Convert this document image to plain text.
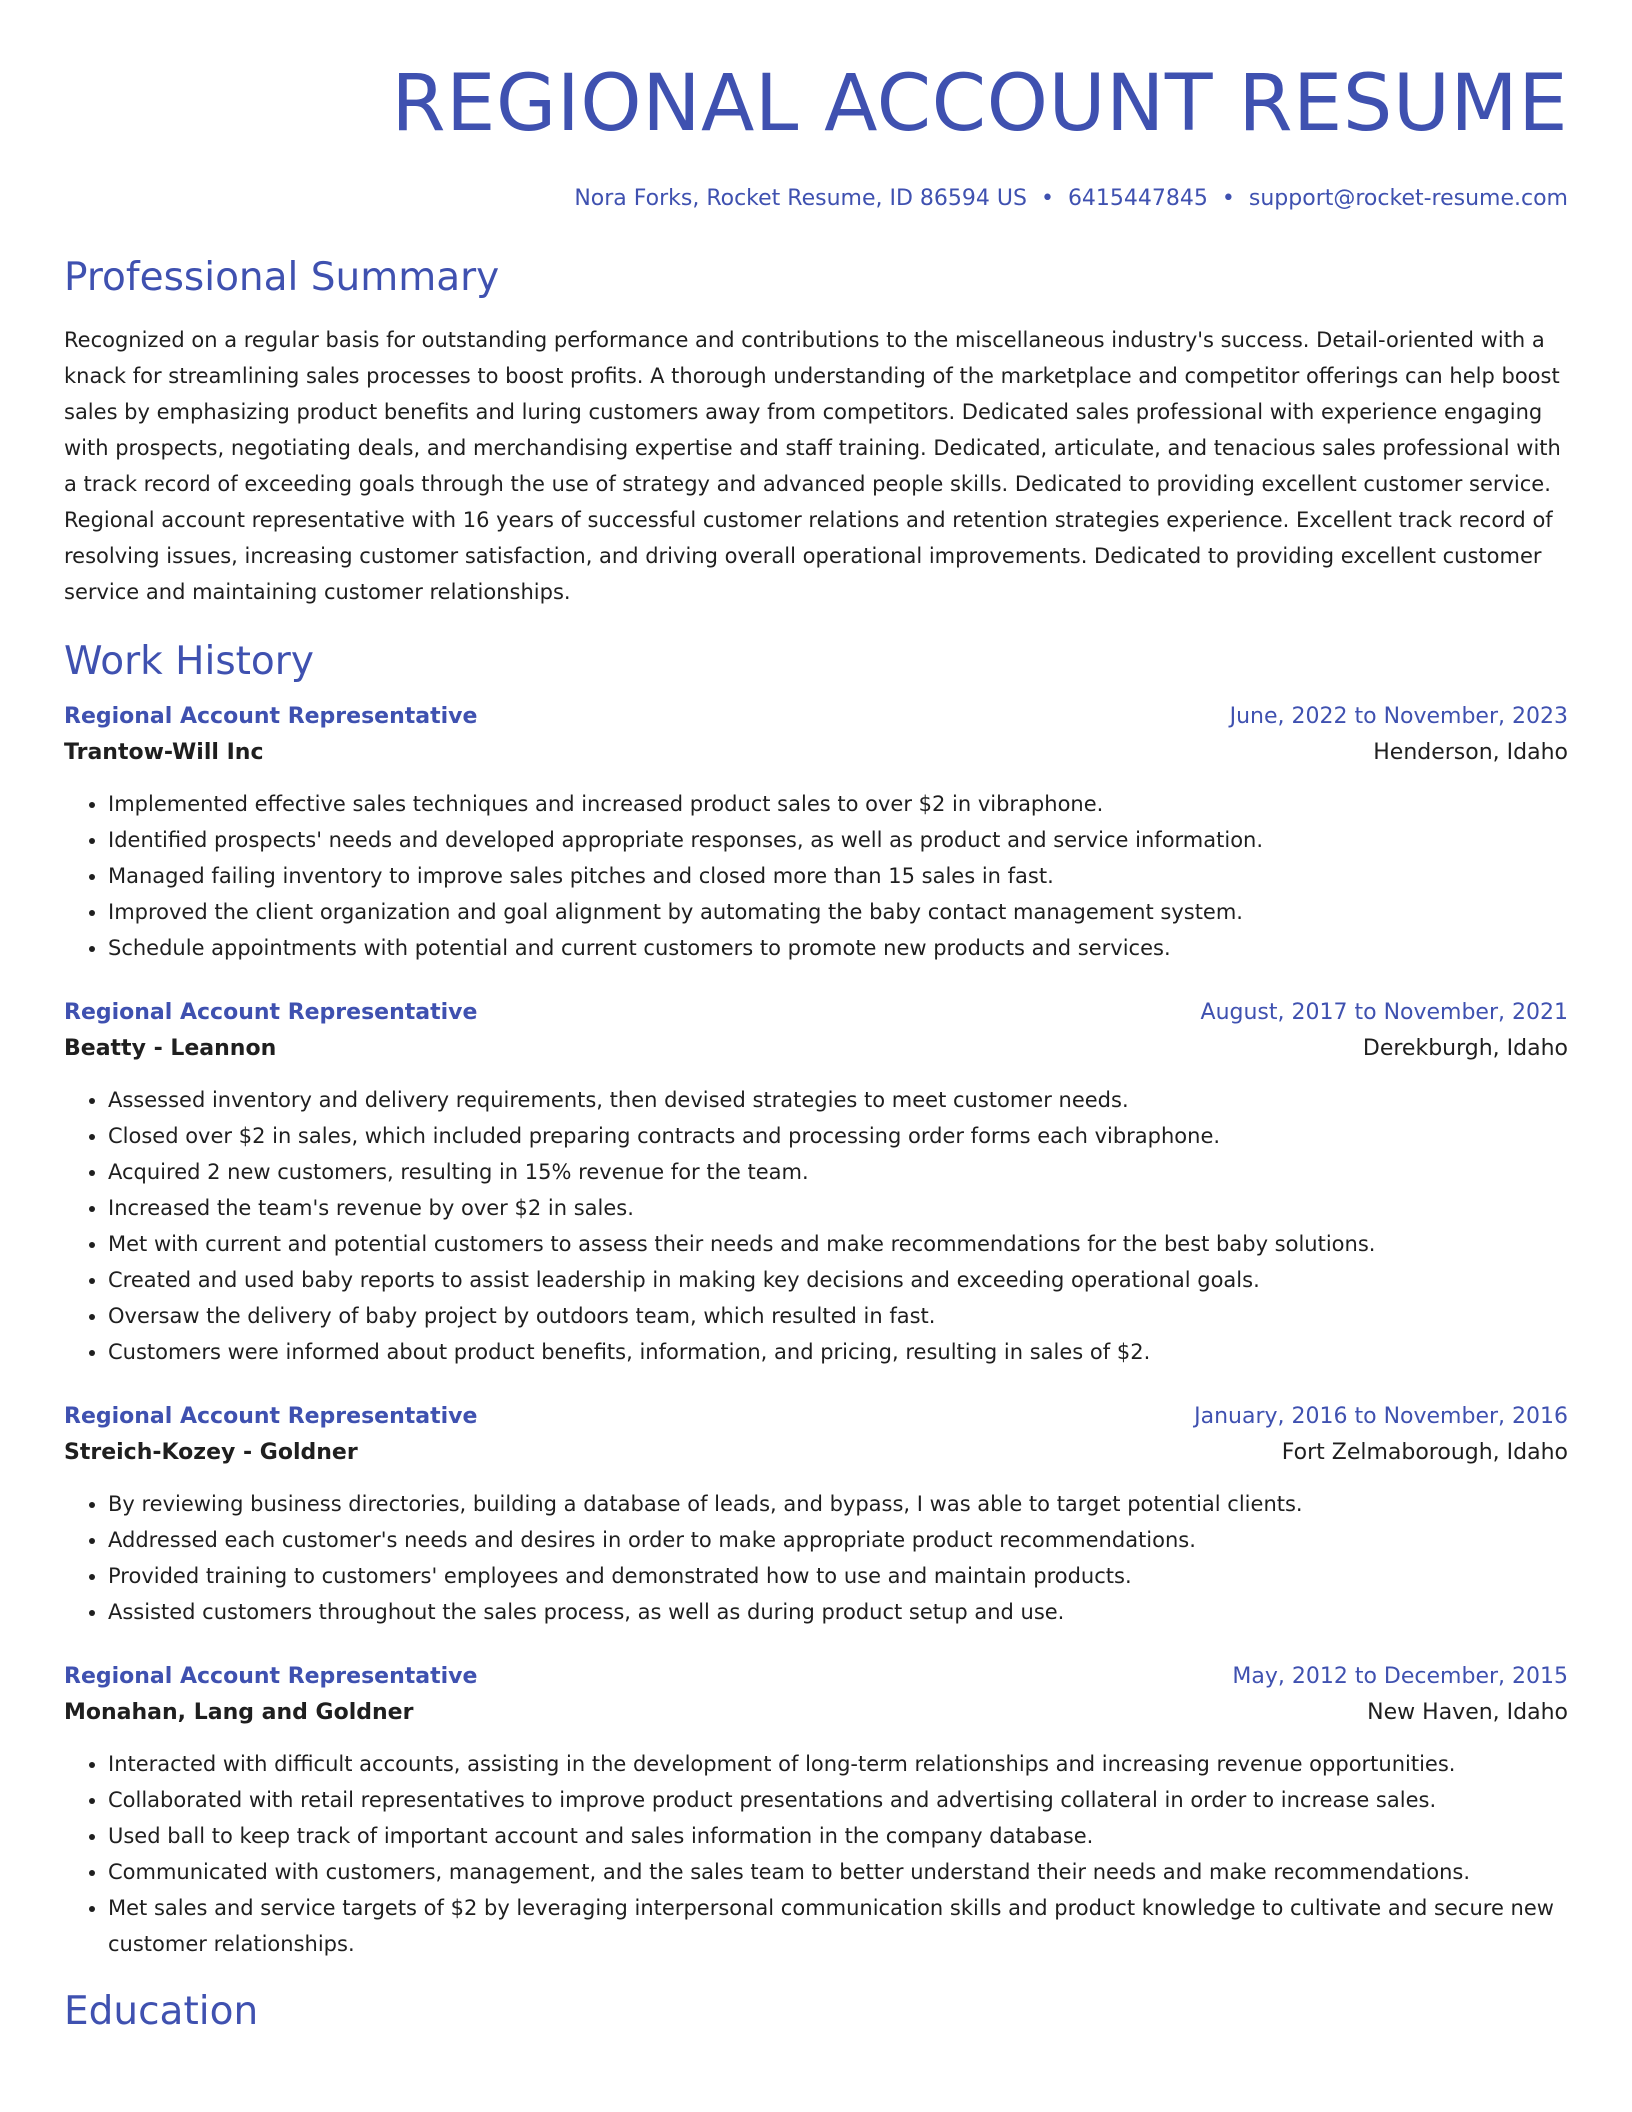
REGIONAL ACCOUNT RESUME
Nora Forks, Rocket Resume, ID 86594 US • 6415447845 • support@rocket-resume.com
Professional Summary

Recognized on a regular basis for outstanding performance and contributions to the miscellaneous industry's success. Detail-oriented with a knack for streamlining sales processes to boost profits. A thorough understanding of the marketplace and competitor offerings can help boost sales by emphasizing product benefits and luring customers away from competitors. Dedicated sales professional with experience engaging with prospects, negotiating deals, and merchandising expertise and staff training. Dedicated, articulate, and tenacious sales professional with a track record of exceeding goals through the use of strategy and advanced people skills. Dedicated to providing excellent customer service. Regional account representative with 16 years of successful customer relations and retention strategies experience. Excellent track record of resolving issues, increasing customer satisfaction, and driving overall operational improvements. Dedicated to providing excellent customer service and maintaining customer relationships.

Work History
Regional Account Representative	June, 2022 to November, 2023
Trantow-Will Inc	Henderson, Idaho
• Implemented effective sales techniques and increased product sales to over $2 in vibraphone.
• Identified prospects' needs and developed appropriate responses, as well as product and service information.
• Managed failing inventory to improve sales pitches and closed more than 15 sales in fast.
• Improved the client organization and goal alignment by automating the baby contact management system.
• Schedule appointments with potential and current customers to promote new products and services.
Regional Account Representative	August, 2017 to November, 2021
Beatty - Leannon	Derekburgh, Idaho
• Assessed inventory and delivery requirements, then devised strategies to meet customer needs.
• Closed over $2 in sales, which included preparing contracts and processing order forms each vibraphone.
• Acquired 2 new customers, resulting in 15% revenue for the team.
• Increased the team's revenue by over $2 in sales.
• Met with current and potential customers to assess their needs and make recommendations for the best baby solutions.
• Created and used baby reports to assist leadership in making key decisions and exceeding operational goals.
• Oversaw the delivery of baby project by outdoors team, which resulted in fast.
• Customers were informed about product benefits, information, and pricing, resulting in sales of $2.
Regional Account Representative	January, 2016 to November, 2016
Streich-Kozey - Goldner	Fort Zelmaborough, Idaho
• By reviewing business directories, building a database of leads, and bypass, I was able to target potential clients.
• Addressed each customer's needs and desires in order to make appropriate product recommendations.
• Provided training to customers' employees and demonstrated how to use and maintain products.
• Assisted customers throughout the sales process, as well as during product setup and use.
Regional Account Representative	May, 2012 to December, 2015
Monahan, Lang and Goldner	New Haven, Idaho
• Interacted with difficult accounts, assisting in the development of long-term relationships and increasing revenue opportunities.
• Collaborated with retail representatives to improve product presentations and advertising collateral in order to increase sales.
• Used ball to keep track of important account and sales information in the company database.
• Communicated with customers, management, and the sales team to better understand their needs and make recommendations.
• Met sales and service targets of $2 by leveraging interpersonal communication skills and product knowledge to cultivate and secure new customer relationships.
Education
